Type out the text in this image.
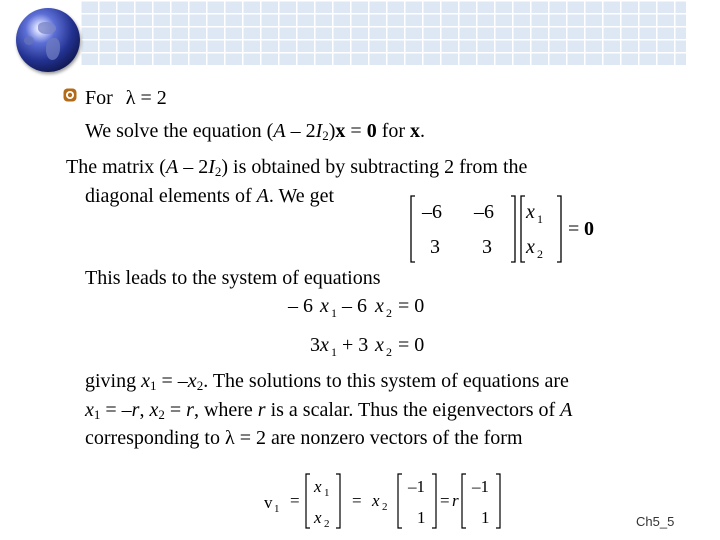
For λ = 2
We solve the equation $(A - 2I_2)x = 0$ for x.
The matrix $(A - 2I_2)$ is obtained by subtracting 2 from the
diagonal elements of A. We get
–6 –6
3 3
x 1
x 2
= 0
This leads to the system of equations
– 6 x 1 – 6 x 2 = 0
3 x 1 + 3 x 2 = 0
giving $x_1 = -x_2$. The solutions to this system of equations are
$x_1 = -r$, $x_2 = r$, where r is a scalar. Thus the eigenvectors of A
corresponding to λ = 2 are nonzero vectors of the form
v 1 =
x 1
x 2
= x 2
–1
1
= r
–1
1	Ch5_5
